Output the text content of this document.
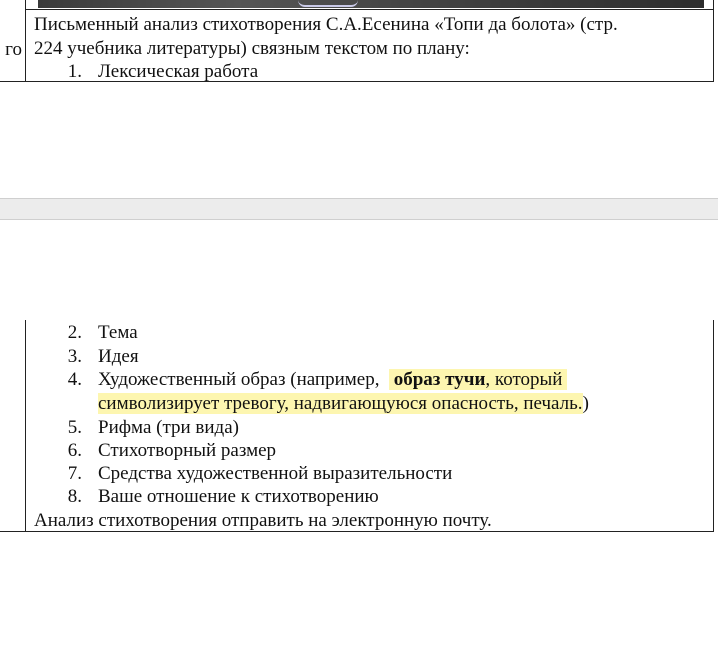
го
Письменный анализ стихотворения С.А.Есенина «Топи да болота» (стр.
224 учебника литературы) связным текстом по плану:
1. Лексическая работа
2. Тема
3. Идея
4. Художественный образ (например, образ тучи, который
символизирует тревогу, надвигающуюся опасность, печаль.)
5. Рифма (три вида)
6. Стихотворный размер
7. Средства художественной выразительности
8. Ваше отношение к стихотворению
Анализ стихотворения отправить на электронную почту.
